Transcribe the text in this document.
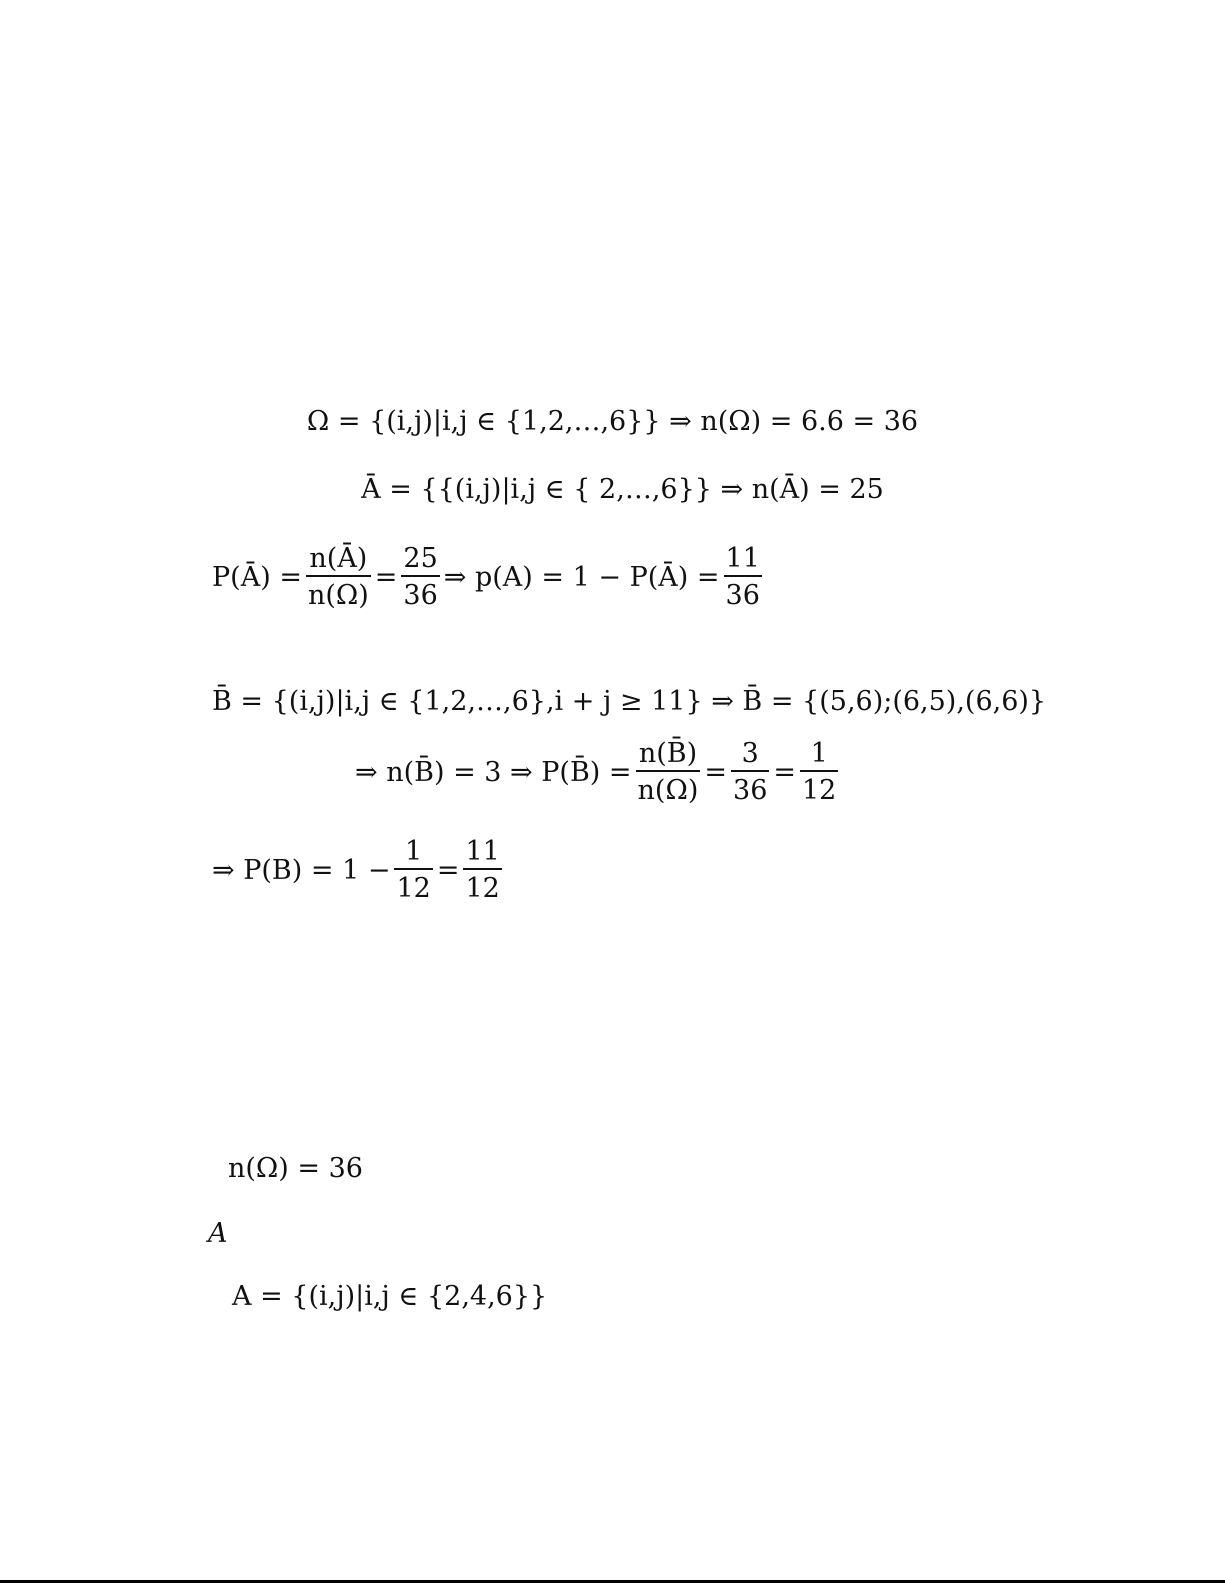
Ω = {(i,j)|i,j ∈ {1,2,…,6}} ⇒ n(Ω) = 6.6 = 36
Ā = {{(i,j)|i,j ∈ { 2,…,6}} ⇒ n(Ā) = 25
P(Ā) = $\frac{n(Ā)}{n(\Omega)} = \frac{25}{36}$ ⇒ p(A) = 1 − P(Ā) = $\frac{11}{36}$
B̄ = {(i,j)|i,j ∈ {1,2,…,6},i + j ≥ 11} ⇒ B̄ = {(5,6);(6,5),(6,6)}
⇒ n(B̄) = 3 ⇒ P(B̄) = $\frac{n(B̄)}{n(\Omega)} = \frac{3}{36} = \frac{1}{12}$
⇒ $P(B) = 1 - \frac{1}{12} = \frac{11}{12}$
n(Ω) = 36
A
A = {(i,j)|i,j ∈ {2,4,6}}
